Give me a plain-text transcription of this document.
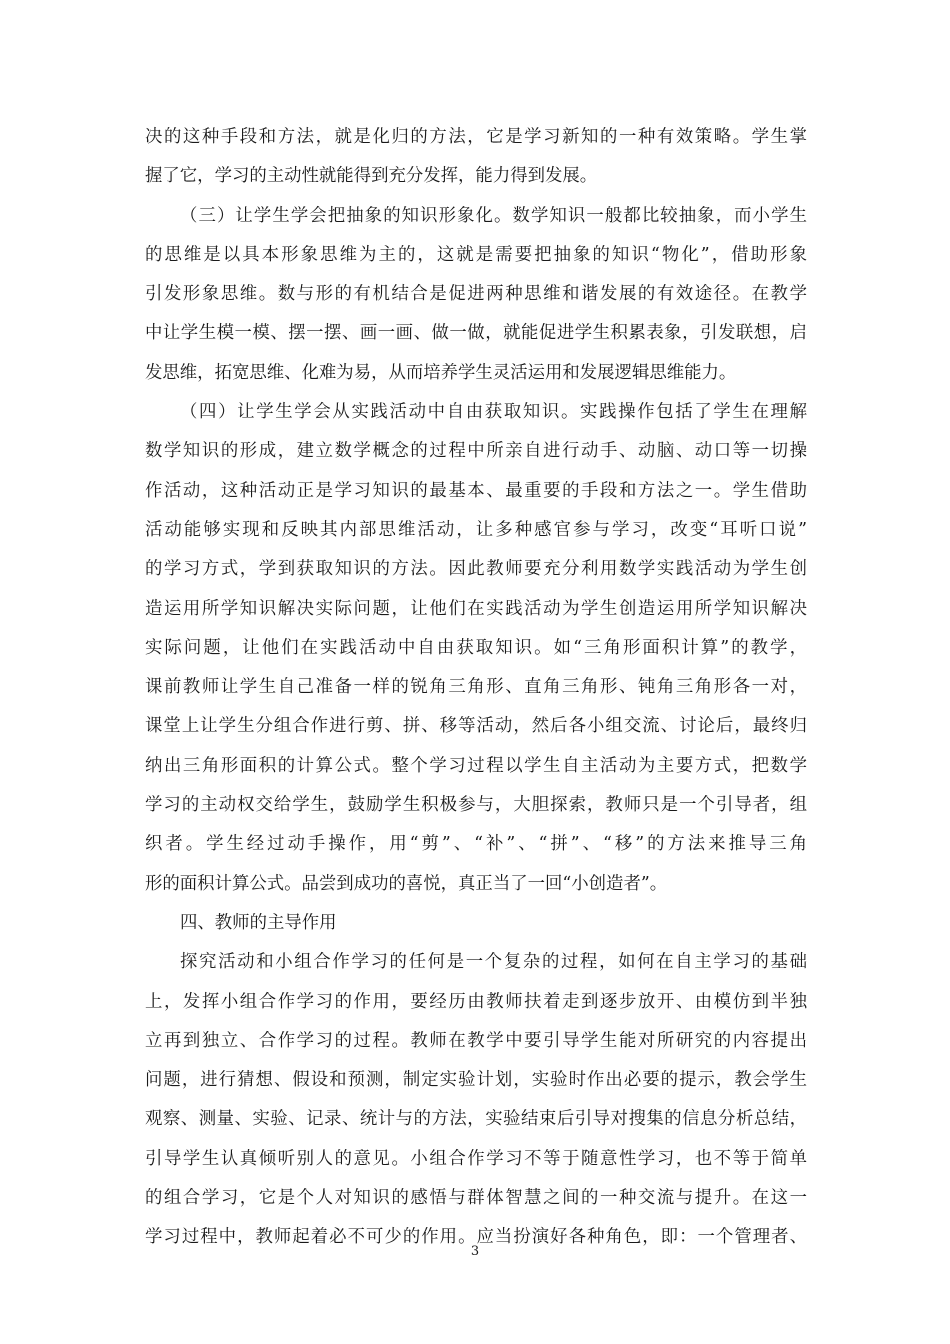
决的这种手段和方法，就是化归的方法，它是学习新知的一种有效策略。学生掌
握了它，学习的主动性就能得到充分发挥，能力得到发展。
（三）让学生学会把抽象的知识形象化。数学知识一般都比较抽象，而小学生
的思维是以具本形象思维为主的，这就是需要把抽象的知识“物化”，借助形象
引发形象思维。数与形的有机结合是促进两种思维和谐发展的有效途径。在教学
中让学生模一模、摆一摆、画一画、做一做，就能促进学生积累表象，引发联想，启
发思维，拓宽思维、化难为易，从而培养学生灵活运用和发展逻辑思维能力。
（四）让学生学会从实践活动中自由获取知识。实践操作包括了学生在理解
数学知识的形成，建立数学概念的过程中所亲自进行动手、动脑、动口等一切操
作活动，这种活动正是学习知识的最基本、最重要的手段和方法之一。学生借助
活动能够实现和反映其内部思维活动，让多种感官参与学习，改变“耳听口说”
的学习方式，学到获取知识的方法。因此教师要充分利用数学实践活动为学生创
造运用所学知识解决实际问题，让他们在实践活动为学生创造运用所学知识解决
实际问题，让他们在实践活动中自由获取知识。如“三角形面积计算”的教学，
课前教师让学生自己准备一样的锐角三角形、直角三角形、钝角三角形各一对，
课堂上让学生分组合作进行剪、拼、移等活动，然后各小组交流、讨论后，最终归
纳出三角形面积的计算公式。整个学习过程以学生自主活动为主要方式，把数学
学习的主动权交给学生，鼓励学生积极参与，大胆探索，教师只是一个引导者，组
织者。学生经过动手操作，用“剪”、“补”、“拼”、“移”的方法来推导三角
形的面积计算公式。品尝到成功的喜悦，真正当了一回“小创造者”。
四、教师的主导作用
探究活动和小组合作学习的任何是一个复杂的过程，如何在自主学习的基础
上，发挥小组合作学习的作用，要经历由教师扶着走到逐步放开、由模仿到半独
立再到独立、合作学习的过程。教师在教学中要引导学生能对所研究的内容提出
问题，进行猜想、假设和预测，制定实验计划，实验时作出必要的提示，教会学生
观察、测量、实验、记录、统计与的方法，实验结束后引导对搜集的信息分析总结，
引导学生认真倾听别人的意见。小组合作学习不等于随意性学习，也不等于简单
的组合学习，它是个人对知识的感悟与群体智慧之间的一种交流与提升。在这一
学习过程中，教师起着必不可少的作用。应当扮演好各种角色，即：一个管理者、
3
